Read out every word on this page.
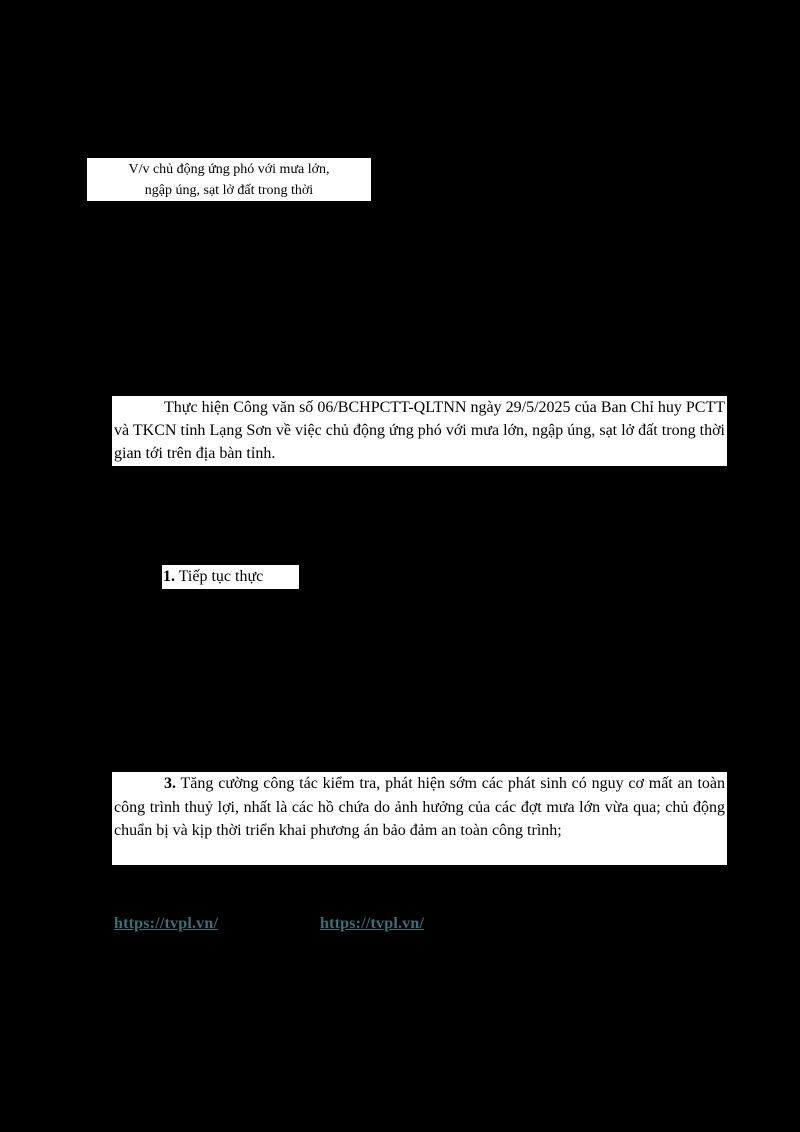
V/v chủ động ứng phó với mưa lớn,
ngập úng, sạt lở đất trong thời
Thực hiện Công văn số 06/BCHPCTT-QLTNN ngày 29/5/2025 của Ban Chỉ huy PCTT và TKCN tỉnh Lạng Sơn về việc chủ động ứng phó với mưa lớn, ngập úng, sạt lở đất trong thời gian tới trên địa bàn tỉnh.
1. Tiếp tục thực
3. Tăng cường công tác kiểm tra, phát hiện sớm các phát sinh có nguy cơ mất an toàn công trình thuỷ lợi, nhất là các hồ chứa do ảnh hưởng của các đợt mưa lớn vừa qua; chủ động chuẩn bị và kịp thời triển khai phương án bảo đảm an toàn công trình;
https://tvpl.vn/	https://tvpl.vn/
